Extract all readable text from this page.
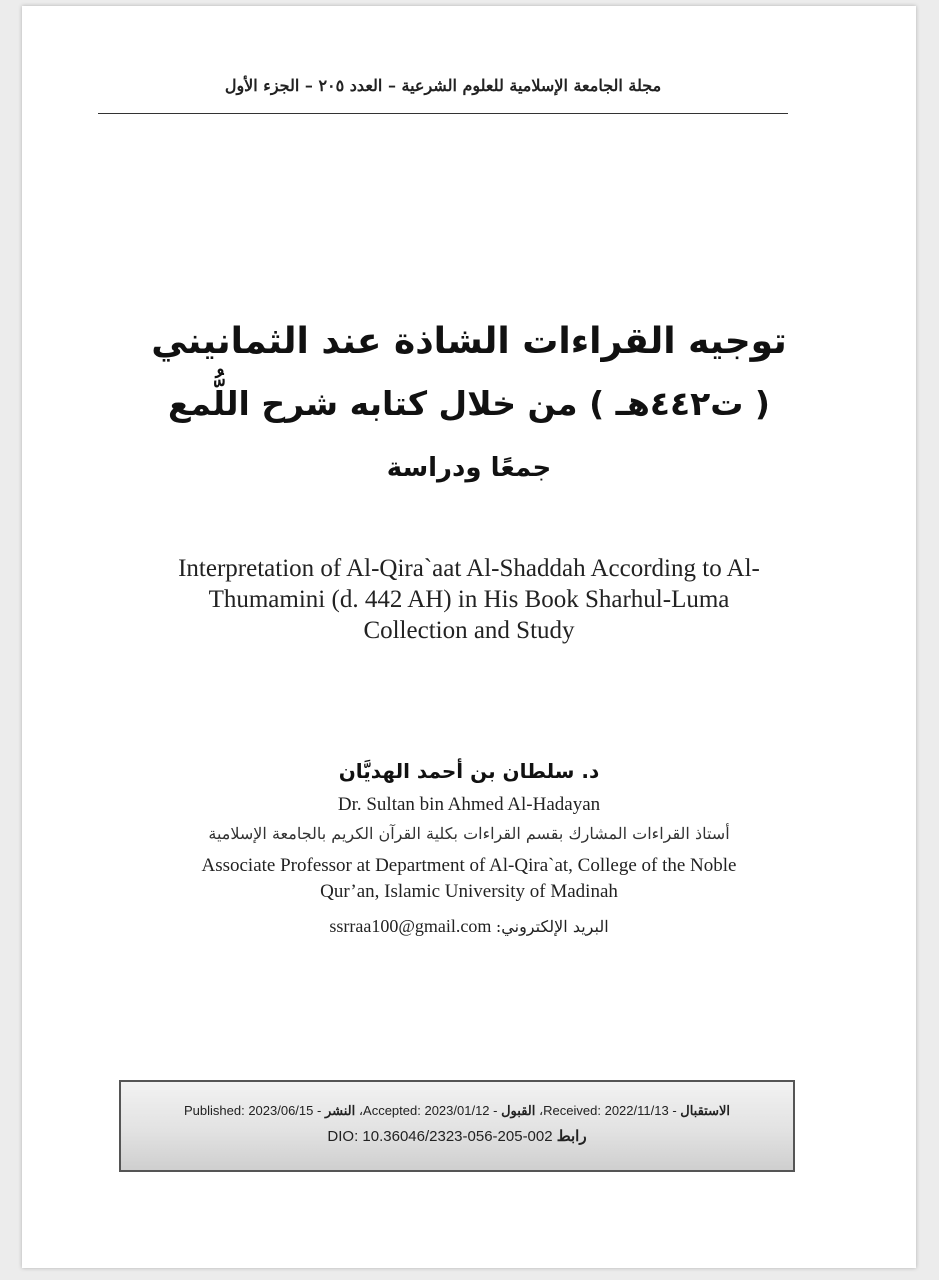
مجلة الجامعة الإسلامية للعلوم الشرعية – العدد ٢٠٥ – الجزء الأول
توجيه القراءات الشاذة عند الثمانيني
( ت٤٤٢هـ ) من خلال كتابه شرح اللُّمع
جمعًا ودراسة
Interpretation of Al-Qira`aat Al-Shaddah According to Al-
Thumamini (d. 442 AH) in His Book Sharhul-Luma
Collection and Study
د. سلطان بن أحمد الهديَّان
Dr. Sultan bin Ahmed Al-Hadayan
أستاذ القراءات المشارك بقسم القراءات بكلية القرآن الكريم بالجامعة الإسلامية
Associate Professor at Department of Al-Qira`at, College of the Noble
Qur’an, Islamic University of Madinah
البريد الإلكتروني: ssrraa100@gmail.com
الاستقبال - Received: 2022/11/13، القبول - Accepted: 2023/01/12، النشر - Published: 2023/06/15
رابط DIO: 10.36046/2323-056-205-002
